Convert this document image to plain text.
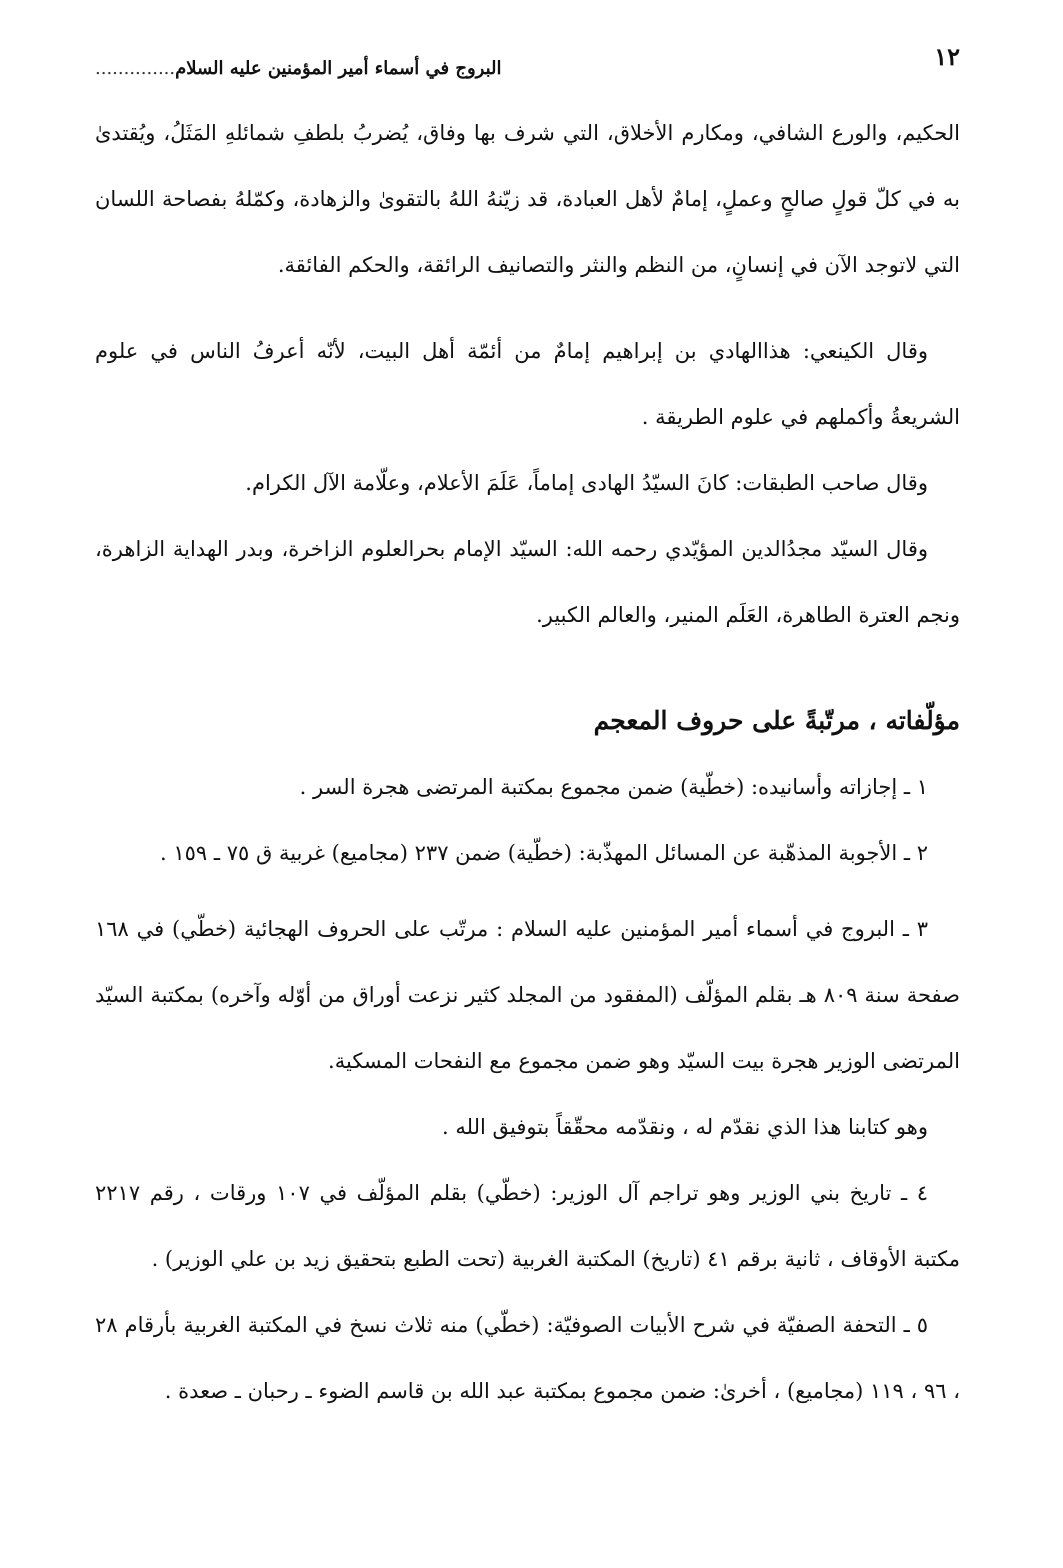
١٢
البروج في أسماء أمير المؤمنين عليه السلام..............

الحكيم، والورع الشافي، ومكارم الأخلاق، التي شرف بها وفاق، يُضربُ بلطفِ شمائلهِ المَثَلُ، ويُقتدىٰ به في كلّ قولٍ صالحٍ وعملٍ، إمامٌ لأهل العبادة، قد زيّنهُ اللهُ بالتقوىٰ والزهادة، وكمّلهُ بفصاحة اللسان التي لاتوجد الآن في إنسانٍ، من النظم والنثر والتصانيف الرائقة، والحكم الفائقة.

وقال الكينعي: هذاالهادي بن إبراهيم إمامٌ من أئمّة أهل البيت، لأنّه أعرفُ الناس في علوم الشريعةُ وأكملهم في علوم الطريقة .

وقال صاحب الطبقات: كانَ السيّدُ الهادى إماماً، عَلَمَ الأعلام، وعلّامة الآل الكرام.

وقال السيّد مجدُالدين المؤيّدي رحمه الله: السيّد الإمام بحرالعلوم الزاخرة، وبدر الهداية الزاهرة، ونجم العترة الطاهرة، العَلَم المنير، والعالم الكبير.

مؤلّفاته ، مرتّبةً على حروف المعجم

١ ـ إجازاته وأسانيده: (خطّية) ضمن مجموع بمكتبة المرتضى هجرة السر .

٢ ـ الأجوبة المذهّبة عن المسائل المهذّبة: (خطّية) ضمن ٢٣٧ (مجاميع) غربية ق ٧٥ ـ ١٥٩ .

٣ ـ البروج في أسماء أمير المؤمنين عليه السلام : مرتّب على الحروف الهجائية (خطّي) في ١٦٨ صفحة سنة ٨٠٩ هـ بقلم المؤلّف (المفقود من المجلد كثير نزعت أوراق من أوّله وآخره) بمكتبة السيّد المرتضى الوزير هجرة بيت السيّد وهو ضمن مجموع مع النفحات المسكية.

وهو كتابنا هذا الذي نقدّم له ، ونقدّمه محقّقاً بتوفيق الله .

٤ ـ تاريخ بني الوزير وهو تراجم آل الوزير: (خطّي) بقلم المؤلّف في ١٠٧ ورقات ، رقم ٢٢١٧ مكتبة الأوقاف ، ثانية برقم ٤١ (تاريخ) المكتبة الغربية (تحت الطبع بتحقيق زيد بن علي الوزير) .

٥ ـ التحفة الصفيّة في شرح الأبيات الصوفيّة: (خطّي) منه ثلاث نسخ في المكتبة الغربية بأرقام ٢٨ ، ٩٦ ، ١١٩ (مجاميع) ، أخرىٰ: ضمن مجموع بمكتبة عبد الله بن قاسم الضوء ـ رحبان ـ صعدة .
